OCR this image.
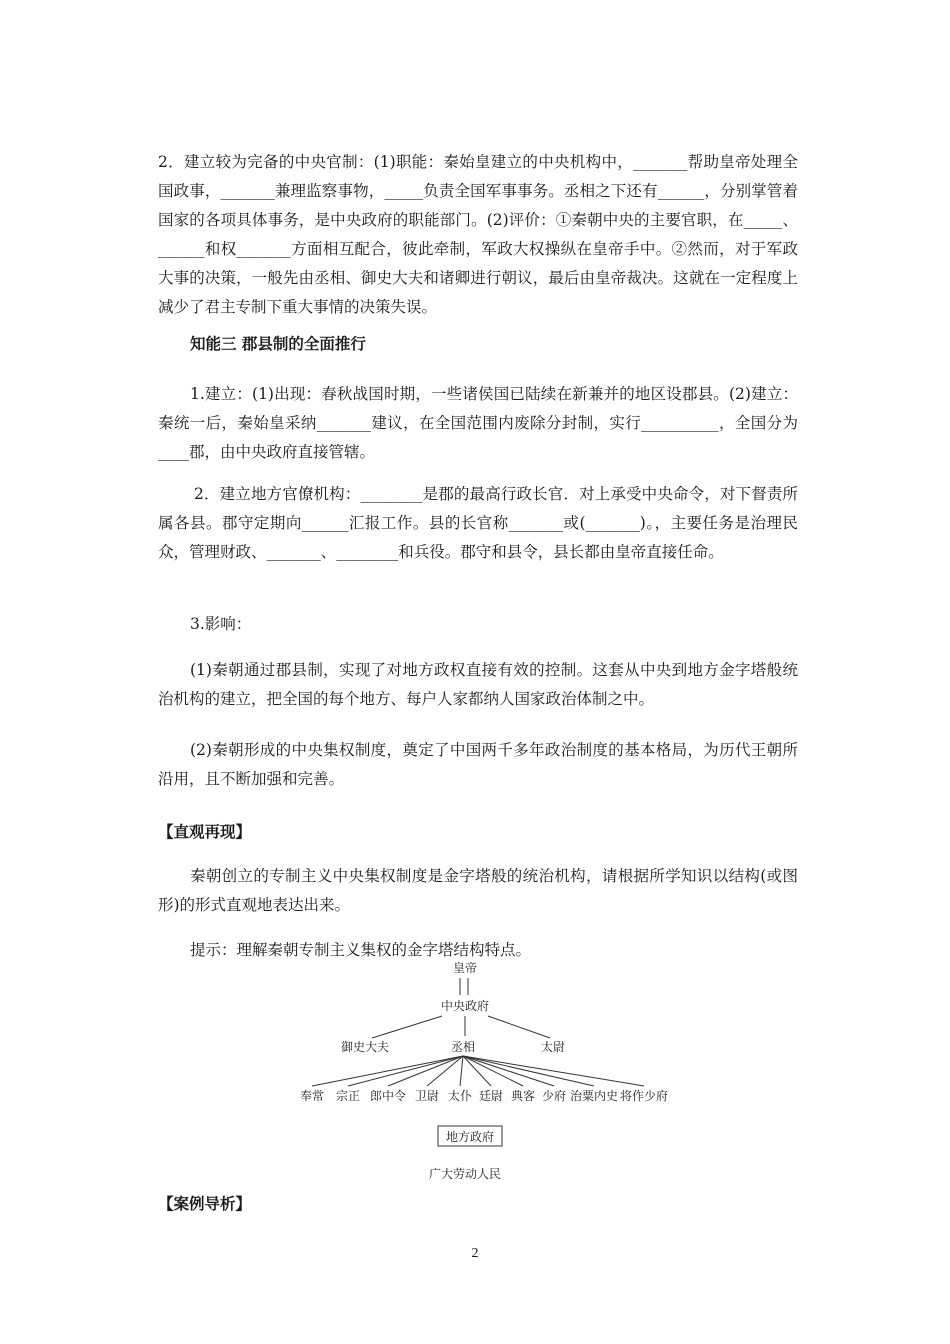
2．建立较为完备的中央官制：(1)职能：秦始皇建立的中央机构中，_______帮助皇帝处理全国政事，_______兼理监察事物，_____负责全国军事事务。丞相之下还有______，分别掌管着国家的各项具体事务，是中央政府的职能部门。(2)评价：①秦朝中央的主要官职，在_____、______和权_______方面相互配合，彼此牵制，军政大权操纵在皇帝手中。②然而，对于军政大事的决策，一般先由丞相、御史大夫和诸卿进行朝议，最后由皇帝裁决。这就在一定程度上减少了君主专制下重大事情的决策失误。

知能三 郡县制的全面推行

1.建立：(1)出现：春秋战国时期，一些诸侯国已陆续在新兼并的地区设郡县。(2)建立：秦统一后，秦始皇采纳_______建议，在全国范围内废除分封制，实行__________，全国分为____郡，由中央政府直接管辖。

2．建立地方官僚机构：________是郡的最高行政长官．对上承受中央命令，对下督责所属各县。郡守定期向______汇报工作。县的长官称_______或(_______)。，主要任务是治理民众，管理财政、_______、________和兵役。郡守和县令，县长都由皇帝直接任命。

3.影响：

(1)秦朝通过郡县制，实现了对地方政权直接有效的控制。这套从中央到地方金字塔般统治机构的建立，把全国的每个地方、每户人家都纳人国家政治体制之中。

(2)秦朝形成的中央集权制度，奠定了中国两千多年政治制度的基本格局，为历代王朝所沿用，且不断加强和完善。

【直观再现】

秦朝创立的专制主义中央集权制度是金字塔般的统治机构，请根据所学知识以结构(或图形)的形式直观地表达出来。

提示：理解秦朝专制主义集权的金字塔结构特点。

皇帝
中央政府
御史大夫	丞相	太尉
奉常 宗正 郎中令 卫尉 太仆 廷尉 典客 少府 治粟内史 将作少府
地方政府
广大劳动人民

【案例导析】

2
